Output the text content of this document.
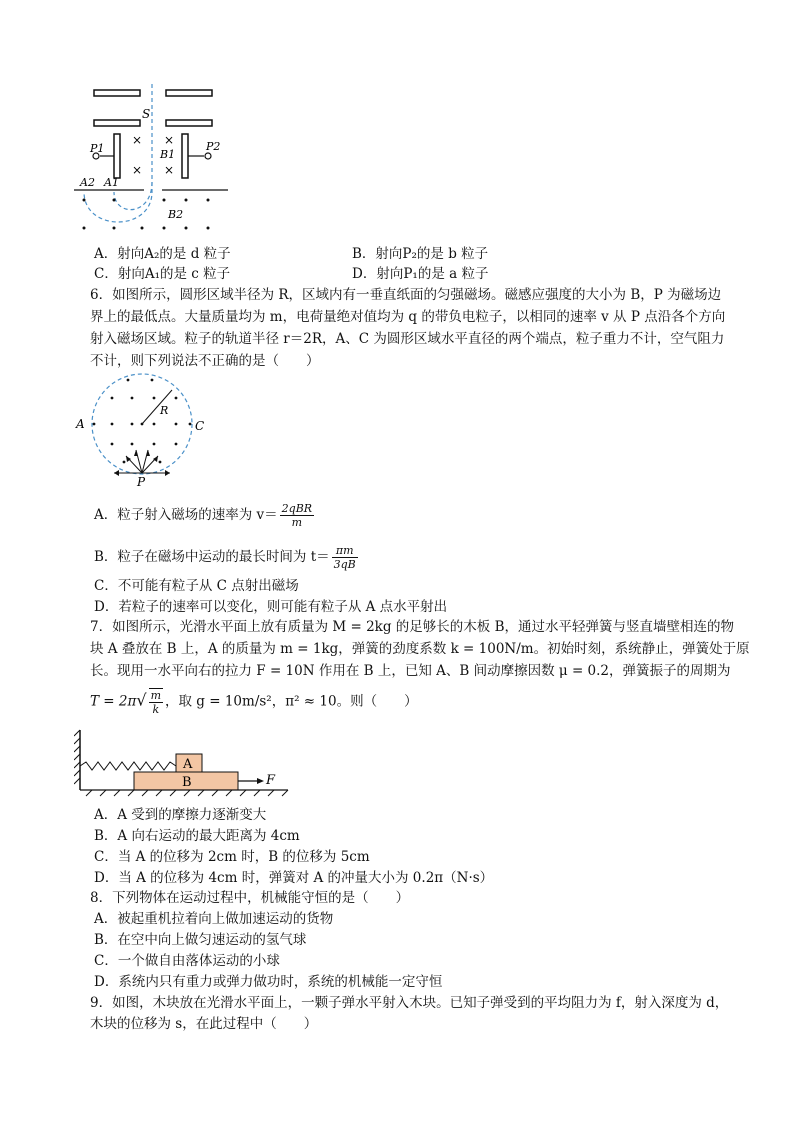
S
P1	P2
×
×
×
×
B1
A2 A1
B2
A．射向A₂的是 d 粒子	B．射向P₂的是 b 粒子
C．射向A₁的是 c 粒子	D．射向P₁的是 a 粒子
6．如图所示，圆形区域半径为 R，区域内有一垂直纸面的匀强磁场。磁感应强度的大小为 B，P 为磁场边
界上的最低点。大量质量均为 m，电荷量绝对值均为 q 的带负电粒子，以相同的速率 v 从 P 点沿各个方向
射入磁场区域。粒子的轨道半径 r＝2R，A、C 为圆形区域水平直径的两个端点，粒子重力不计，空气阻力
不计，则下列说法不正确的是（　　）
R
A	C
P
A．粒子射入磁场的速率为 $v= \frac{\text{2qBR}}{m}$
B．粒子在磁场中运动的最长时间为 $t= \frac{\pi m}{3qB}$
C．不可能有粒子从 C 点射出磁场
D．若粒子的速率可以变化，则可能有粒子从 A 点水平射出
7．如图所示，光滑水平面上放有质量为 M = 2kg 的足够长的木板 B，通过水平轻弹簧与竖直墙壁相连的物
块 A 叠放在 B 上，A 的质量为 m = 1kg，弹簧的劲度系数 k = 100N/m。初始时刻，系统静止，弹簧处于原
长。现用一水平向右的拉力 F = 10N 作用在 B 上，已知 A、B 间动摩擦因数 μ = 0.2，弹簧振子的周期为
$T = 2\pi√ \frac{m}{k}$ ，取 g = 10m/s²，π² ≈ 10。则（　　）
A
B	F
A．A 受到的摩擦力逐渐变大
B．A 向右运动的最大距离为 4cm
C．当 A 的位移为 2cm 时，B 的位移为 5cm
D．当 A 的位移为 4cm 时，弹簧对 A 的冲量大小为 0.2π（N·s）
8．下列物体在运动过程中，机械能守恒的是（　　）
A．被起重机拉着向上做加速运动的货物
B．在空中向上做匀速运动的氢气球
C．一个做自由落体运动的小球
D．系统内只有重力或弹力做功时，系统的机械能一定守恒
9．如图，木块放在光滑水平面上，一颗子弹水平射入木块。已知子弹受到的平均阻力为 f，射入深度为 d，
木块的位移为 s，在此过程中（　　）
